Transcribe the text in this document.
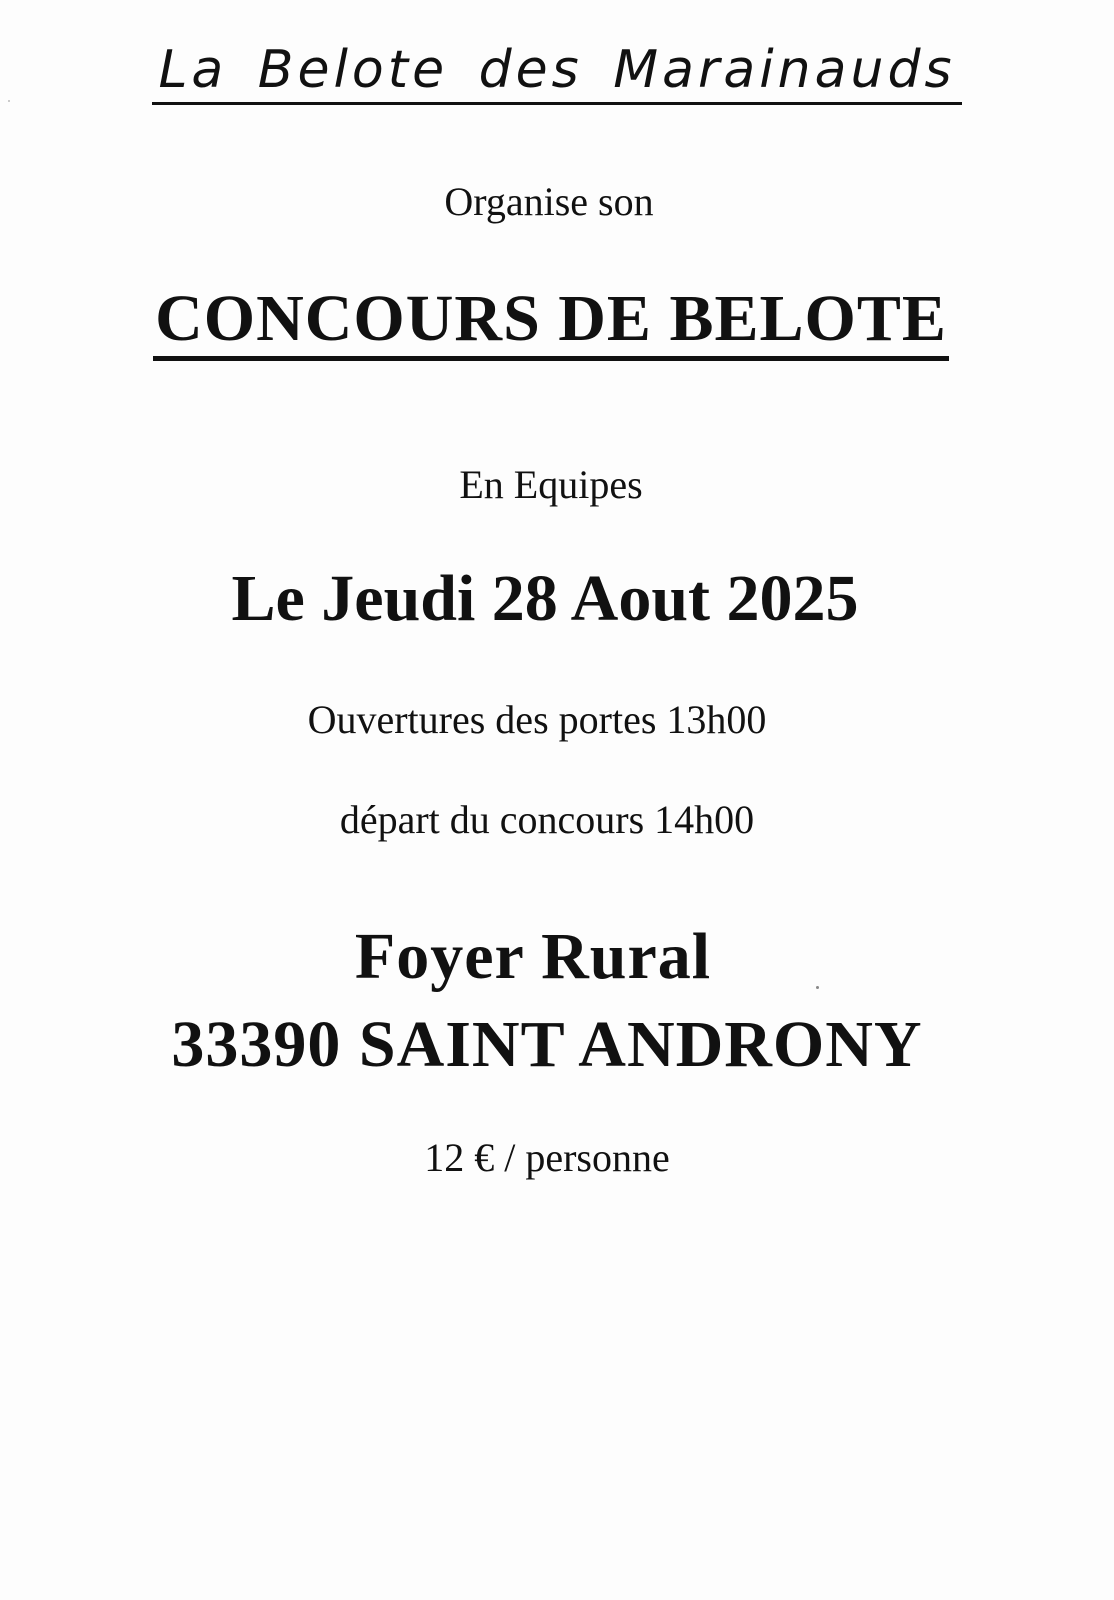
La Belote des Marainauds
Organise son
CONCOURS DE BELOTE
En Equipes
Le Jeudi 28 Aout 2025
Ouvertures des portes 13h00
départ du concours 14h00
Foyer Rural
33390 SAINT ANDRONY
12 € / personne
